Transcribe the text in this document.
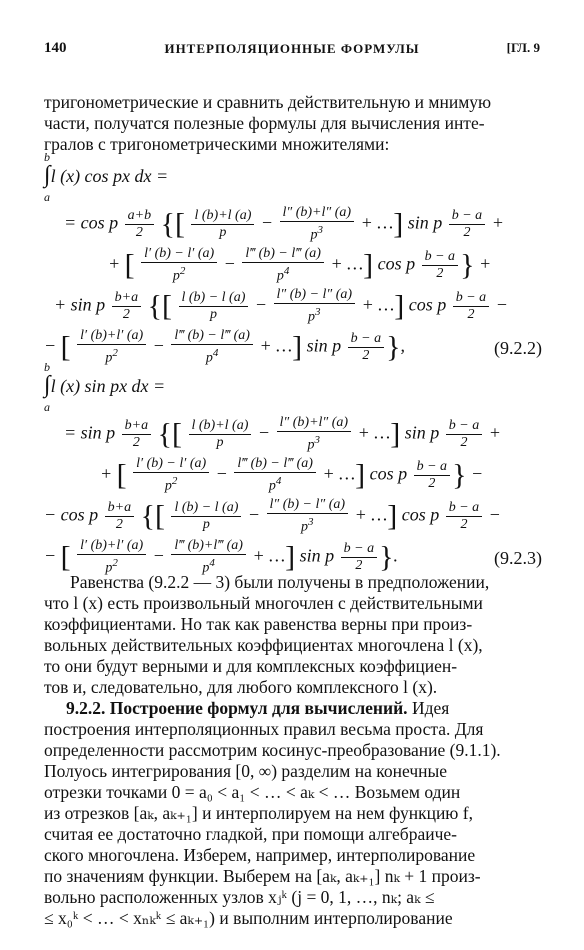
140	ИНТЕРПОЛЯЦИОННЫЕ ФОРМУЛЫ	[ГЛ. 9
тригонометрические и сравнить действительную и мнимую
части, получатся полезные формулы для вычисления инте-
гралов с тригонометрическими множителями:
b
a
∫l (x) cos px dx =
= cos p $\frac{a+b}{2}$ {[ $\frac{l (b)+l (a)}{p} - \frac{l'' (b)+l'' (a)}{p^3}$ + …] sin p $\frac{b - a}{2}$ +
+ [ $\frac{l' (b) - l' (a)}{p^2} - \frac{l‴ (b) - l‴ (a)}{p^4}$ + …] cos p $\frac{b - a}{2}$ } +
+ sin p $\frac{b+a}{2}$ {[ $\frac{l (b) - l (a)}{p} - \frac{l'' (b) - l'' (a)}{p^3}$ + …] cos p $\frac{b - a}{2}$ −
− [ $\frac{l' (b)+l' (a)}{p^2} - \frac{l‴ (b) - l‴ (a)}{p^4}$ + …] sin p $\frac{b - a}{2}$ },	(9.2.2)
b
a
∫l (x) sin px dx =
= sin p $\frac{b+a}{2}$ {[ $\frac{l (b)+l (a)}{p} - \frac{l'' (b)+l'' (a)}{p^3}$ + …] sin p $\frac{b - a}{2}$ +
+ [ $\frac{l' (b) - l' (a)}{p^2} - \frac{l‴ (b) - l‴ (a)}{p^4}$ + …] cos p $\frac{b - a}{2}$ } −
− cos p $\frac{b+a}{2}$ {[ $\frac{l (b) - l (a)}{p} - \frac{l'' (b) - l'' (a)}{p^3}$ + …] cos p $\frac{b - a}{2}$ −
− [ $\frac{l' (b)+l' (a)}{p^2} - \frac{l‴ (b)+l‴ (a)}{p^4}$ + …] sin p $\frac{b - a}{2}$ }.	(9.2.3)
Равенства (9.2.2 — 3) были получены в предположении,
что l (x) есть произвольный многочлен с действительными
коэффициентами. Но так как равенства верны при произ-
вольных действительных коэффициентах многочлена l (x),
то они будут верными и для комплексных коэффициен-
тов и, следовательно, для любого комплексного l (x).
9.2.2. Построение формул для вычислений. Идея
построения интерполяционных правил весьма проста. Для
определенности рассмотрим косинус-преобразование (9.1.1).
Полуось интегрирования [0, ∞) разделим на конечные
отрезки точками 0 = a₀ < a₁ < … < aₖ < … Возьмем один
из отрезков [aₖ, aₖ₊₁] и интерполируем на нем функцию f,
считая ее достаточно гладкой, при помощи алгебраиче-
ского многочлена. Изберем, например, интерполирование
по значениям функции. Выберем на [aₖ, aₖ₊₁] nₖ + 1 произ-
вольно расположенных узлов xⱼᵏ (j = 0, 1, …, nₖ; aₖ ≤
≤ x₀ᵏ < … < xₙₖᵏ ≤ aₖ₊₁) и выполним интерполирование
